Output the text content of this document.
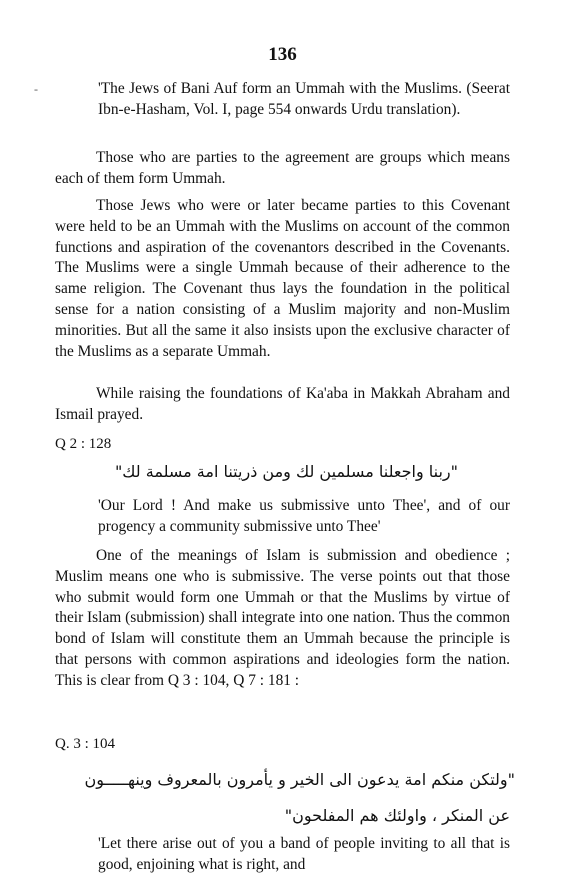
136
-	'The Jews of Bani Auf form an Ummah with the Muslims. (Seerat Ibn-e-Hasham, Vol. I, page 554 onwards Urdu translation).

Those who are parties to the agreement are groups which means each of them form Ummah.

Those Jews who were or later became parties to this Covenant were held to be an Ummah with the Muslims on account of the common functions and aspiration of the covenantors described in the Covenants. The Muslims were a single Ummah because of their adherence to the same religion. The Covenant thus lays the foundation in the political sense for a nation consisting of a Muslim majority and non-Muslim minorities. But all the same it also insists upon the exclusive character of the Muslims as a separate Ummah.

While raising the foundations of Ka'aba in Makkah Abraham and Ismail prayed.

Q 2 : 128
"ربنا واجعلنا مسلمين لك ومن ذريتنا امة مسلمة لك"

'Our Lord ! And make us submissive unto Thee', and of our progency a community submissive unto Thee'

One of the meanings of Islam is submission and obedience ; Muslim means one who is submissive. The verse points out that those who submit would form one Ummah or that the Muslims by virtue of their Islam (submission) shall integrate into one nation. Thus the common bond of Islam will constitute them an Ummah because the principle is that persons with common aspirations and ideologies form the nation. This is clear from Q 3 : 104, Q 7 : 181 :

Q. 3 : 104
"ولتكن منكم امة يدعون الى الخير و يأمرون بالمعروف وينهـــــون
عن المنكر ، واولئك هم المفلحون"

'Let there arise out of you a band of people inviting to all that is good, enjoining what is right, and
